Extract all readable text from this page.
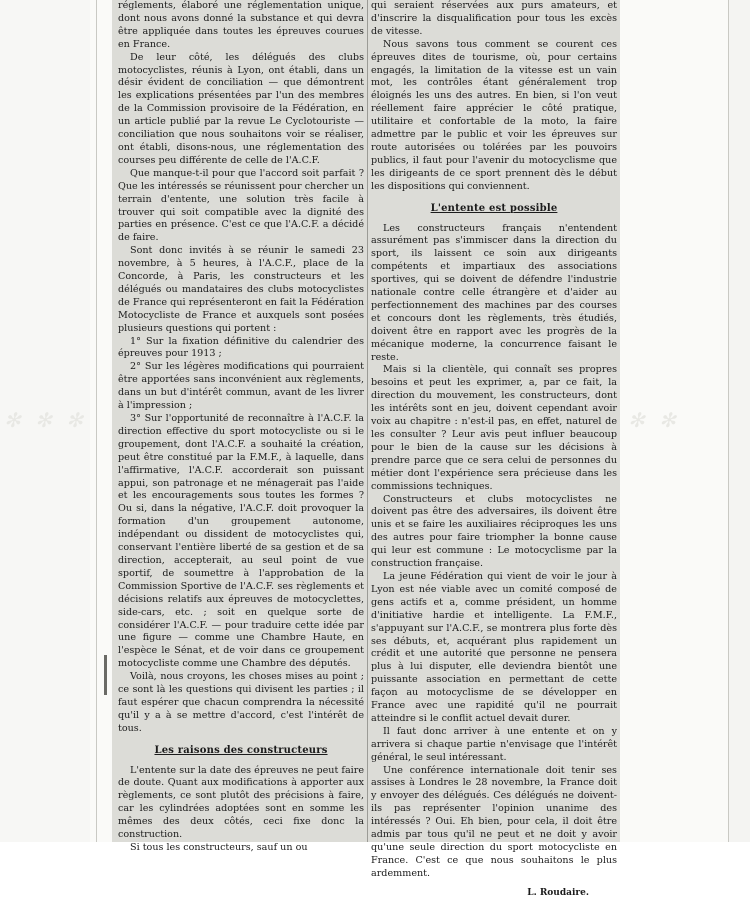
✻ ✻ ✻	✻ ✻

réglements, élaboré une réglementation unique, dont nous avons donné la substance et qui devra être appliquée dans toutes les épreuves courues en France.

De leur côté, les délégués des clubs motocyclistes, réunis à Lyon, ont établi, dans un désir évident de conciliation — que démontrent les explications présentées par l'un des membres de la Commission provisoire de la Fédération, en un article publié par la revue Le Cyclotouriste — conciliation que nous souhaitons voir se réaliser, ont établi, disons-nous, une réglementation des courses peu différente de celle de l'A.C.F.

Que manque-t-il pour que l'accord soit parfait ? Que les intéressés se réunissent pour chercher un terrain d'entente, une solution très facile à trouver qui soit compatible avec la dignité des parties en présence. C'est ce que l'A.C.F. a décidé de faire.

Sont donc invités à se réunir le samedi 23 novembre, à 5 heures, à l'A.C.F., place de la Concorde, à Paris, les constructeurs et les délégués ou mandataires des clubs motocyclistes de France qui représenteront en fait la Fédération Motocycliste de France et auxquels sont posées plusieurs questions qui portent :

1° Sur la fixation définitive du calendrier des épreuves pour 1913 ;

2° Sur les légères modifications qui pourraient être apportées sans inconvénient aux règlements, dans un but d'intérêt commun, avant de les livrer à l'impression ;

3° Sur l'opportunité de reconnaître à l'A.C.F. la direction effective du sport motocycliste ou si le groupement, dont l'A.C.F. a souhaité la création, peut être constitué par la F.M.F., à laquelle, dans l'affirmative, l'A.C.F. accorderait son puissant appui, son patronage et ne ménagerait pas l'aide et les encouragements sous toutes les formes ? Ou si, dans la négative, l'A.C.F. doit provoquer la formation d'un groupement autonome, indépendant ou dissident de motocyclistes qui, conservant l'entière liberté de sa gestion et de sa direction, accepterait, au seul point de vue sportif, de soumettre à l'approbation de la Commission Sportive de l'A.C.F. ses règlements et décisions relatifs aux épreuves de motocyclettes, side-cars, etc. ; soit en quelque sorte de considérer l'A.C.F. — pour traduire cette idée par une figure — comme une Chambre Haute, en l'espèce le Sénat, et de voir dans ce groupement motocycliste comme une Chambre des députés.

Voilà, nous croyons, les choses mises au point ; ce sont là les questions qui divisent les parties ; il faut espérer que chacun comprendra la nécessité qu'il y a à se mettre d'accord, c'est l'intérêt de tous.

Les raisons des constructeurs

L'entente sur la date des épreuves ne peut faire de doute. Quant aux modifications à apporter aux règlements, ce sont plutôt des précisions à faire, car les cylindrées adoptées sont en somme les mêmes des deux côtés, ceci fixe donc la construction.

Si tous les constructeurs, sauf un ou

qui seraient réservées aux purs amateurs, et d'inscrire la disqualification pour tous les excès de vitesse.

Nous savons tous comment se courent ces épreuves dites de tourisme, où, pour certains engagés, la limitation de la vitesse est un vain mot, les contrôles étant généralement trop éloignés les uns des autres. En bien, si l'on veut réellement faire apprécier le côté pratique, utilitaire et confortable de la moto, la faire admettre par le public et voir les épreuves sur route autorisées ou tolérées par les pouvoirs publics, il faut pour l'avenir du motocyclisme que les dirigeants de ce sport prennent dès le début les dispositions qui conviennent.

L'entente est possible

Les constructeurs français n'entendent assurément pas s'immiscer dans la direction du sport, ils laissent ce soin aux dirigeants compétents et impartiaux des associations sportives, qui se doivent de défendre l'industrie nationale contre celle étrangère et d'aider au perfectionnement des machines par des courses et concours dont les règlements, très étudiés, doivent être en rapport avec les progrès de la mécanique moderne, la concurrence faisant le reste.

Mais si la clientèle, qui connaît ses propres besoins et peut les exprimer, a, par ce fait, la direction du mouvement, les constructeurs, dont les intérêts sont en jeu, doivent cependant avoir voix au chapitre : n'est-il pas, en effet, naturel de les consulter ? Leur avis peut influer beaucoup pour le bien de la cause sur les décisions à prendre parce que ce sera celui de personnes du métier dont l'expérience sera précieuse dans les commissions techniques.

Constructeurs et clubs motocyclistes ne doivent pas être des adversaires, ils doivent être unis et se faire les auxiliaires réciproques les uns des autres pour faire triompher la bonne cause qui leur est commune : Le motocyclisme par la construction française.

La jeune Fédération qui vient de voir le jour à Lyon est née viable avec un comité composé de gens actifs et a, comme président, un homme d'initiative hardie et intelligente. La F.M.F., s'appuyant sur l'A.C.F., se montrera plus forte dès ses débuts, et, acquérant plus rapidement un crédit et une autorité que personne ne pensera plus à lui disputer, elle deviendra bientôt une puissante association en permettant de cette façon au motocyclisme de se développer en France avec une rapidité qu'il ne pourrait atteindre si le conflit actuel devait durer.

Il faut donc arriver à une entente et on y arrivera si chaque partie n'envisage que l'intérêt général, le seul intéressant.

Une conférence internationale doit tenir ses assises à Londres le 28 novembre, la France doit y envoyer des délégués. Ces délégués ne doivent-ils pas représenter l'opinion unanime des intéressés ? Oui. Eh bien, pour cela, il doit être admis par tous qu'il ne peut et ne doit y avoir qu'une seule direction du sport motocycliste en France. C'est ce que nous souhaitons le plus ardemment.

L. Roudaire.
